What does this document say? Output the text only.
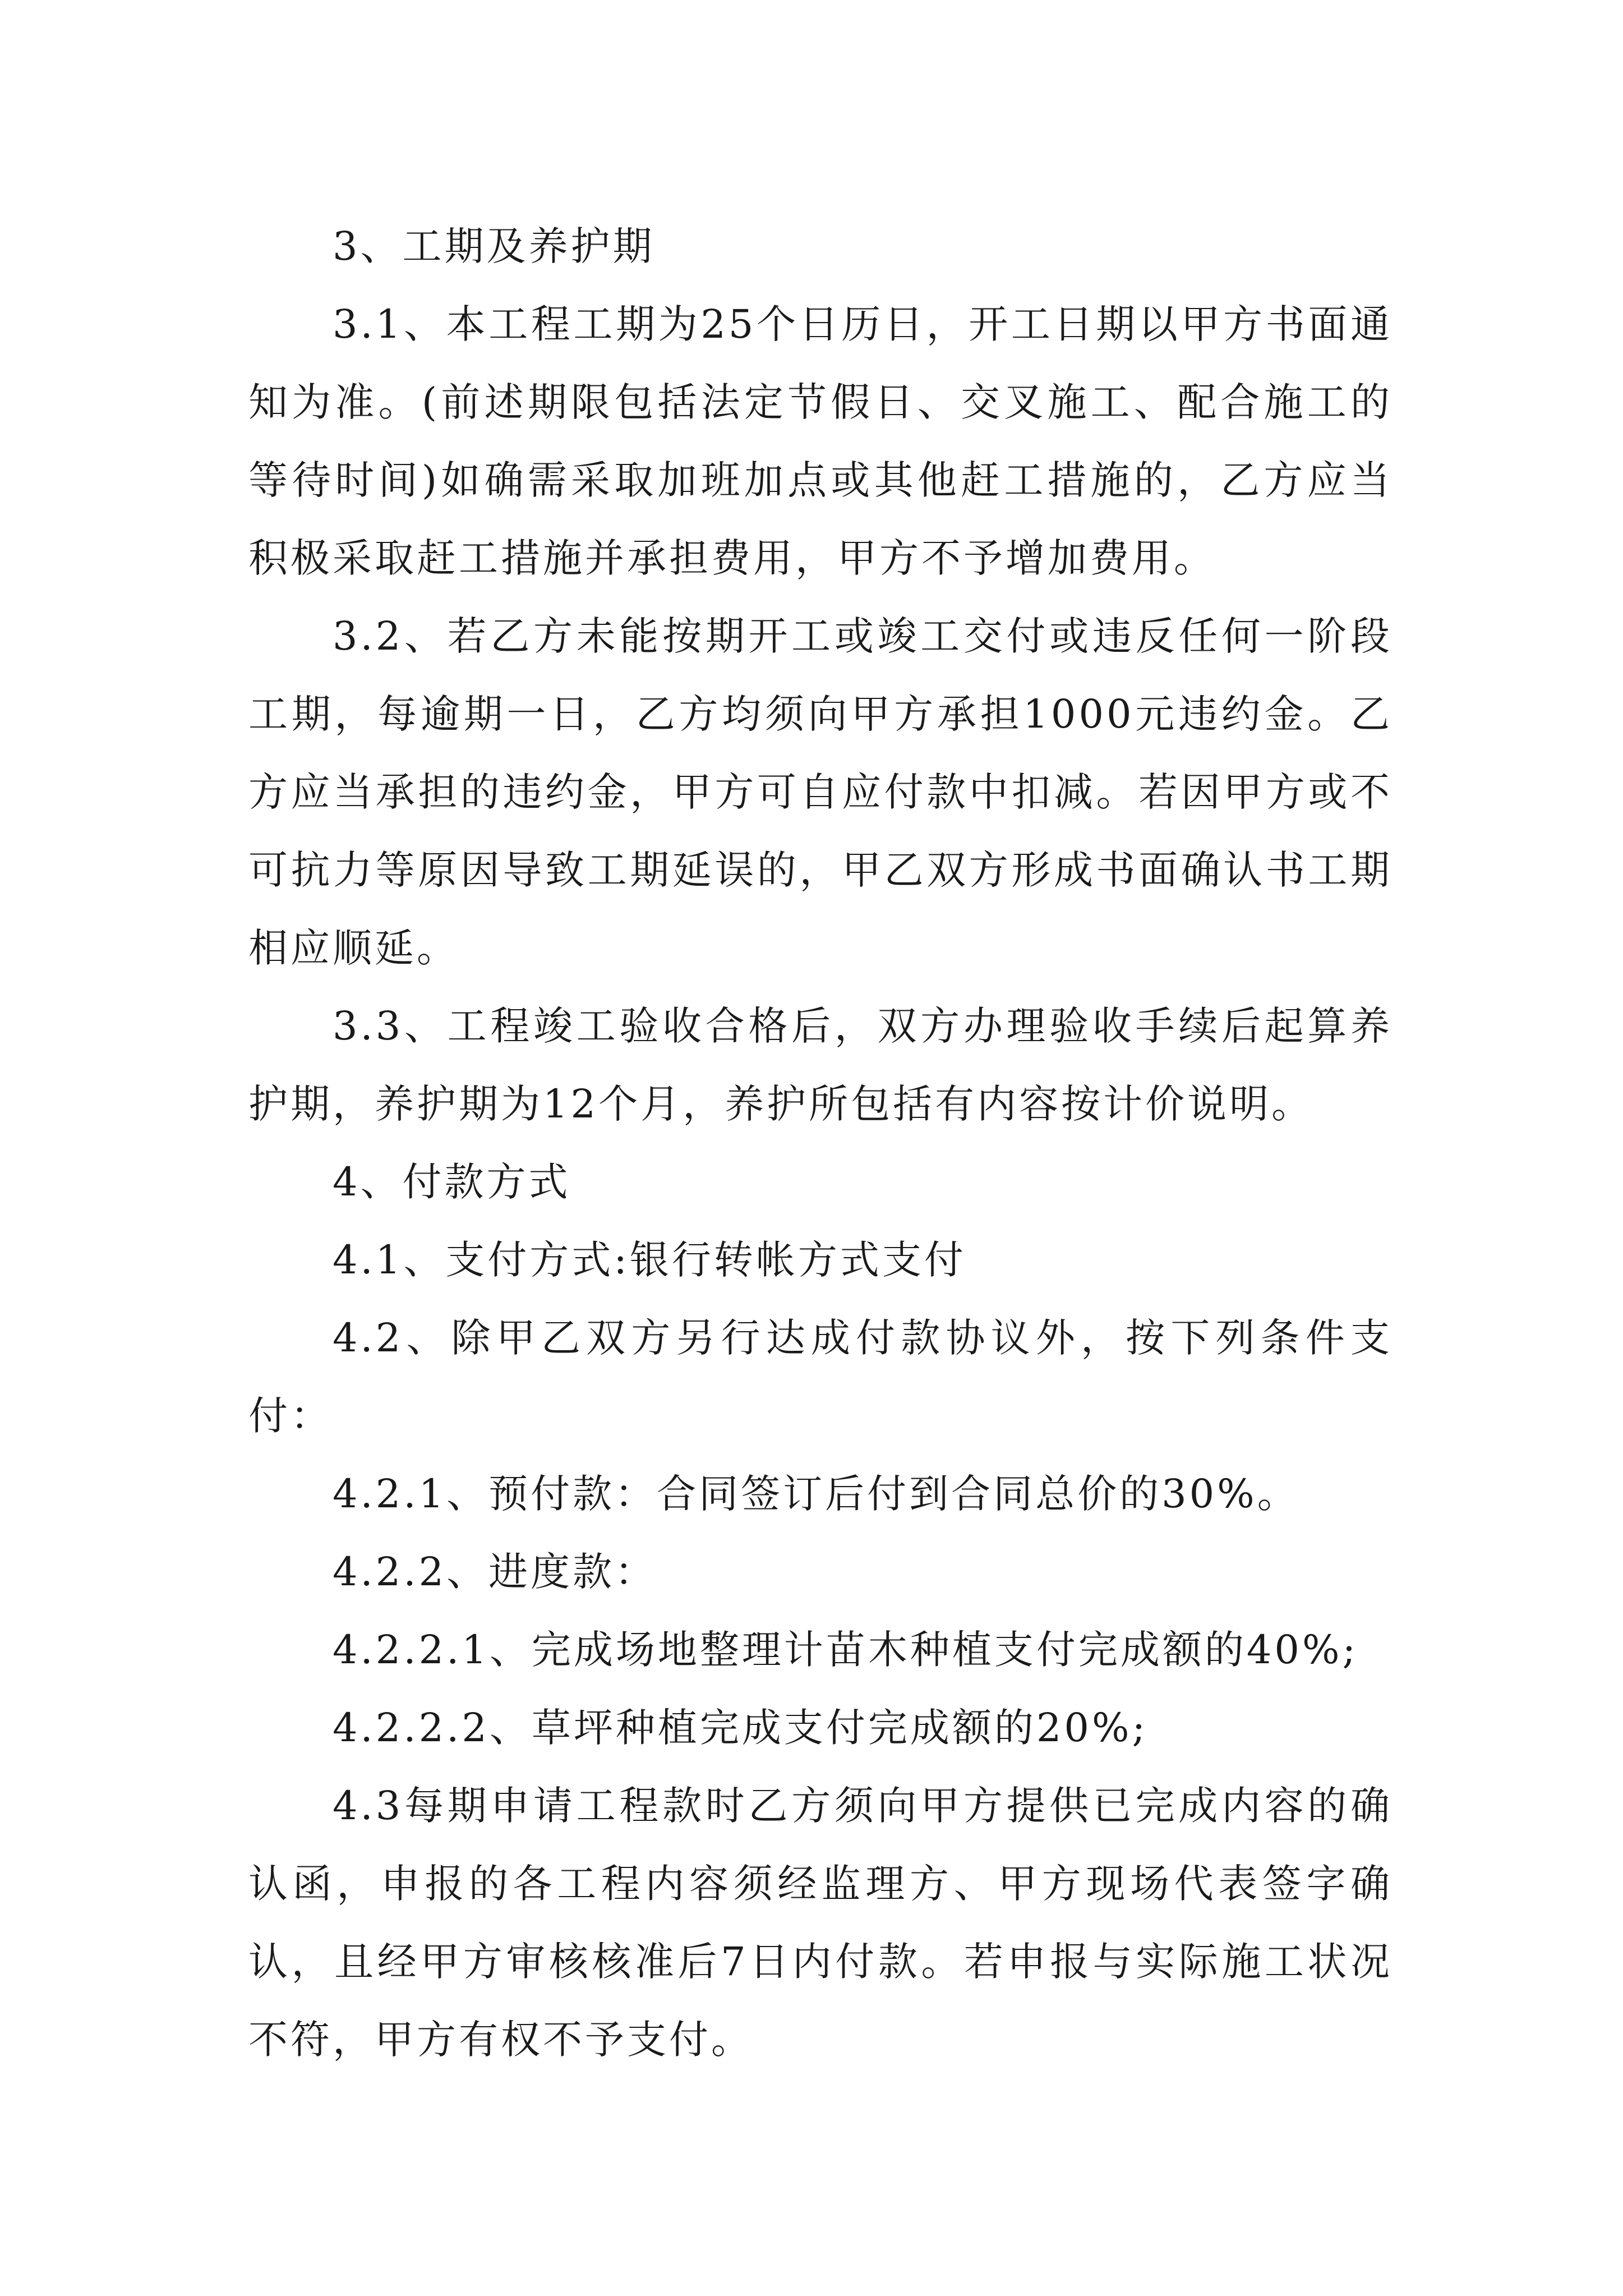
3、工期及养护期

3.1、本工程工期为25个日历日，开工日期以甲方书面通知为准。(前述期限包括法定节假日、交叉施工、配合施工的等待时间)如确需采取加班加点或其他赶工措施的，乙方应当积极采取赶工措施并承担费用，甲方不予增加费用。

3.2、若乙方未能按期开工或竣工交付或违反任何一阶段工期，每逾期一日，乙方均须向甲方承担1000元违约金。乙方应当承担的违约金，甲方可自应付款中扣减。若因甲方或不可抗力等原因导致工期延误的，甲乙双方形成书面确认书工期相应顺延。

3.3、工程竣工验收合格后，双方办理验收手续后起算养护期，养护期为12个月，养护所包括有内容按计价说明。

4、付款方式

4.1、支付方式:银行转帐方式支付

4.2、除甲乙双方另行达成付款协议外，按下列条件支付：

4.2.1、预付款：合同签订后付到合同总价的30%。

4.2.2、进度款：

4.2.2.1、完成场地整理计苗木种植支付完成额的40%;

4.2.2.2、草坪种植完成支付完成额的20%;

4.3每期申请工程款时乙方须向甲方提供已完成内容的确认函，申报的各工程内容须经监理方、甲方现场代表签字确认，且经甲方审核核准后7日内付款。若申报与实际施工状况不符，甲方有权不予支付。
